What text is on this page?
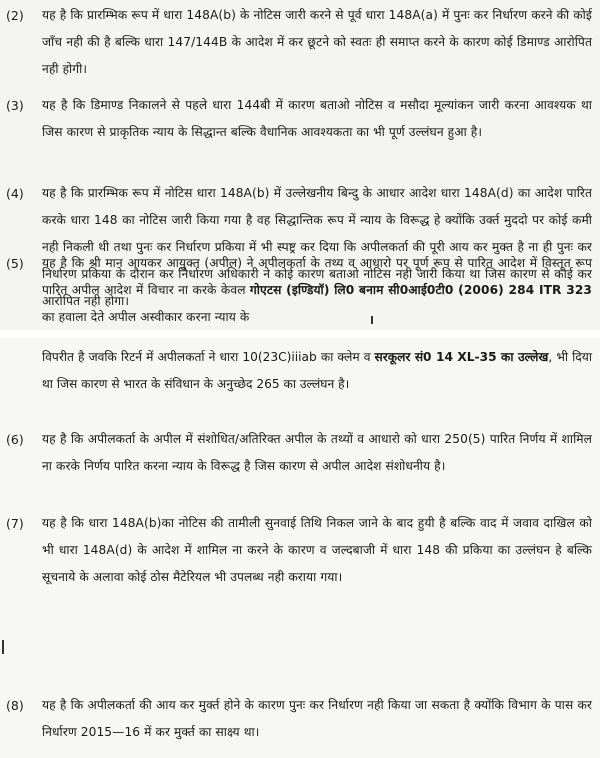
(2) यह है कि प्रारम्भिक रूप में धारा 148A(b) के नोटिस जारी करने से पूर्व धारा 148A(a) में पुनः कर निर्धारण करने की कोई जाँच नही की है बल्कि धारा 147/144B के आदेश में कर छूटने को स्वतः ही समाप्त करने के कारण कोई डिमाण्ड आरोपित नही होगी।
(3) यह है कि डिमाण्ड निकालने से पहले धारा 144बी में कारण बताओ नोटिस व मसौदा मूल्यांकन जारी करना आवश्यक था जिस कारण से प्राकृतिक न्याय के सिद्धान्त बल्कि वैधानिक आवश्यकता का भी पूर्ण उल्लंघन हुआ है।
(4) यह है कि प्रारम्भिक रूप में नोटिस धारा 148A(b) में उल्लेखनीय बिन्दु के आधार आदेश धारा 148A(d) का आदेश पारित करके धारा 148 का नोटिस जारी किया गया है वह सिद्धान्तिक रूप में न्याय के विरूद्ध हे क्योंकि उर्क्त मुददो पर कोई कमी नही निकली थी तथा पुनः कर निर्धारण प्रकिया में भी स्पष्ट्र कर दिया कि अपीलकर्ता की पूरी आय कर मुक्त है ना ही पुनः कर निर्धारण प्रकिया के दौरान कर निर्धारण अधिकारी ने कोई कारण बताओ नोटिस नही जारी किया था जिस कारण से कोई कर आरोपित नही होगा।
(5) यह है कि श्री मान आयकर आयुक्त (अपील) ने अपीलकर्ता के तथ्य व आधारो पर पूर्ण रूप से पारित आदेश में विस्तृत रूप पारित अपील आदेश में विचार ना करके केवल गोएटस (इण्डियॉ) लि0 बनाम सी0आई0टी0 (2006) 284 ITR 323 का हवाला देते अपील अस्वीकार करना न्याय के
विपरीत है जवकि रिटर्न में अपीलकर्ता ने धारा 10(23C)iiiab का क्लेम व सरकूलर सं0 14 XL-35 का उल्लेख, भी दिया था जिस कारण से भारत के संविधान के अनुच्छेद 265 का उल्लंघन है।
(6) यह है कि अपीलकर्ता के अपील में संशोधित/अतिरिक्त अपील के तथ्यों व आधारो को धारा 250(5) पारित निर्णय में शामिल ना करके निर्णय पारित करना न्याय के विरूद्ध है जिस कारण से अपील आदेश संशोधनीय है।
(7) यह है कि धारा 148A(b)का नोटिस की तामीली सुनवाई तिथि निकल जाने के बाद हुयी है बल्कि वाद में जवाव दाखिल को भी धारा 148A(d) के आदेश में शामिल ना करने के कारण व जल्दबाजी में धारा 148 की प्रकिया का उल्लंघन हे बल्कि सूचनाये के अलावा कोई ठोस मैटेरियल भी उपलब्ध नही कराया गया।
(8) यह है कि अपीलकर्ता की आय कर मुर्क्त होने के कारण पुनः कर निर्धारण नही किया जा सकता है क्योंकि विभाग के पास कर निर्धारण 2015—16 में कर मुर्क्त का साक्ष्य था।
